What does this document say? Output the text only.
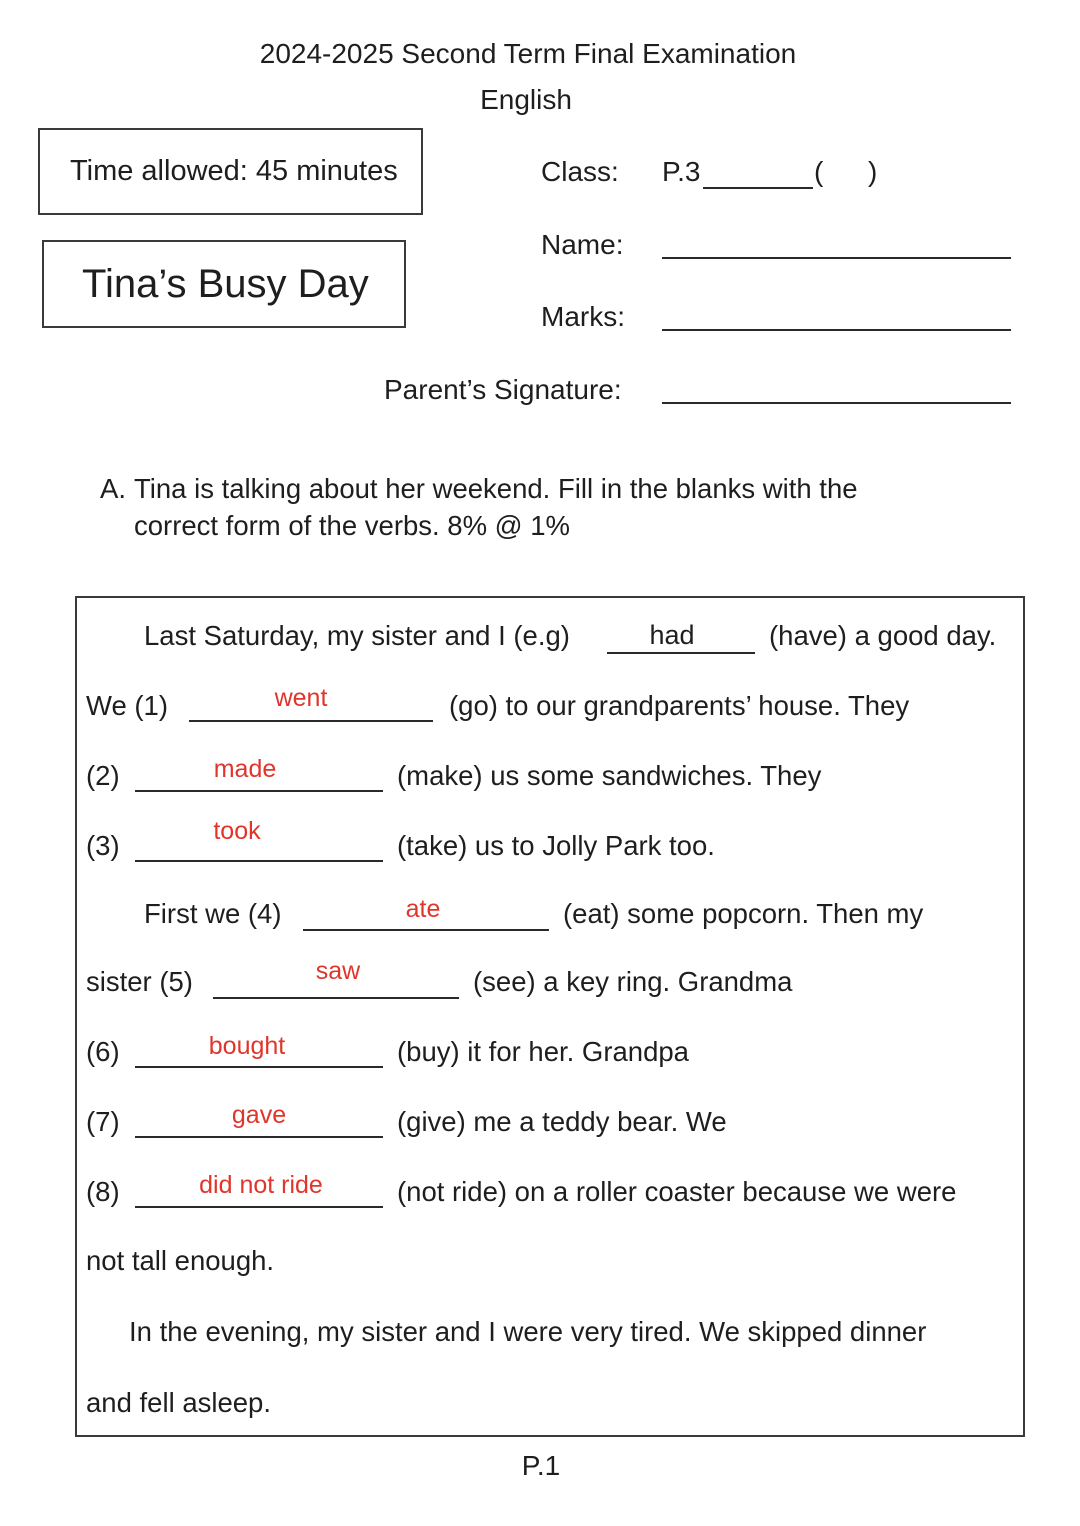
2024-2025 Second Term Final Examination
English
Time allowed: 45 minutes
Tina’s Busy Day
Class: P.3	( )
Name:
Marks:
Parent’s Signature:
A. Tina is talking about her weekend. Fill in the blanks with the
correct form of the verbs. 8% @ 1%
Last Saturday, my sister and I (e.g)	had	(have) a good day.
We (1)	went	(go) to our grandparents’ house. They
(2)	made	(make) us some sandwiches. They
(3)	took	(take) us to Jolly Park too.
First we (4)	ate	(eat) some popcorn. Then my
sister (5)	saw	(see) a key ring. Grandma
(6)	bought	(buy) it for her. Grandpa
(7)	gave	(give) me a teddy bear. We
(8)	did not ride	(not ride) on a roller coaster because we were
not tall enough.
In the evening, my sister and I were very tired. We skipped dinner
and fell asleep.
P.1
